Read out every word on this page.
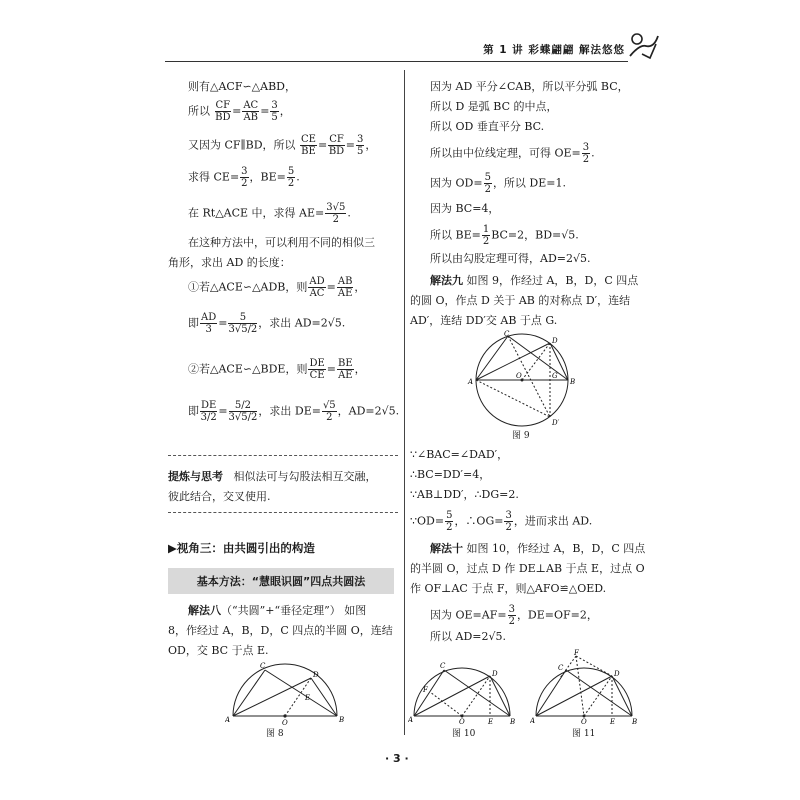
第 1 讲 彩蝶翩翩 解法悠悠
则有△ACF∽△ABD，
所以 $\frac{CF}{BD} = \frac{AC}{AB} = \frac{3}{5}$ ，
又因为 CF∥BD，所以 $\frac{CE}{BE} = \frac{CF}{BD} = \frac{3}{5}$ ，
求得 $CE= \frac{3}{2}$ ，$BE= \frac{5}{2}$ .
在 Rt△ACE 中，求得 $AE= \frac{3√5}{2}$ .
在这种方法中，可以利用不同的相似三
角形，求出 AD 的长度：
①若△ACE∽△ADB，则 $\frac{AD}{AC} = \frac{AB}{AE}$ ，
即 $\frac{AD}{3} = \frac{5}{3√5/2}$ ，求出 AD=2√5.
②若△ACE∽△BDE，则 $\frac{DE}{CE} = \frac{BE}{AE}$ ，
即 $\frac{DE}{3/2} = \frac{5/2}{3√5/2}$ ，求出 $DE= \frac{√5}{2}$ ，AD=2√5.
提炼与思考 相似法可与勾股法相互交融，
彼此结合，交叉使用.
▶视角三：由共圆引出的构造
基本方法：“慧眼识圆”四点共圆法
解法八（“共圆”+“垂径定理”） 如图
8，作经过 A，B，D，C 四点的半圆 O，连结
OD，交 BC 于点 E.
A	B
C
D
E
O
图 8
因为 AD 平分∠CAB，所以平分弧 BC，
所以 D 是弧 BC 的中点，
所以 OD 垂直平分 BC.
所以由中位线定理，可得 $OE= \frac{3}{2}$ .
因为 $OD= \frac{5}{2}$ ，所以 DE=1.
因为 BC=4，
所以 $BE= \frac{1}{2} BC=2$，BD=√5.
所以由勾股定理可得，AD=2√5.
解法九 如图 9，作经过 A，B，D，C 四点
的圆 O，作点 D 关于 AB 的对称点 D′，连结
AD′，连结 DD′交 AB 于点 G.
A	B
C
D
D′
G
O
图 9
∵∠BAC=∠DAD′，
∴BC=DD′=4，
∵AB⊥DD′，∴DG=2.
∵OD= $\frac{5}{2}$ ，∴OG= $\frac{3}{2}$ ，进而求出 AD.
解法十 如图 10，作经过 A，B，D，C 四点
的半圆 O，过点 D 作 DE⊥AB 于点 E，过点 O
作 OF⊥AC 于点 F，则△AFO≌△OED.
因为 $OE=AF= \frac{3}{2}$ ，DE=OF=2，
所以 AD=2√5.
A	B
C
D
E
F
O
图 10
A	B
C
D
E
F
O
图 11
· 3 ·
